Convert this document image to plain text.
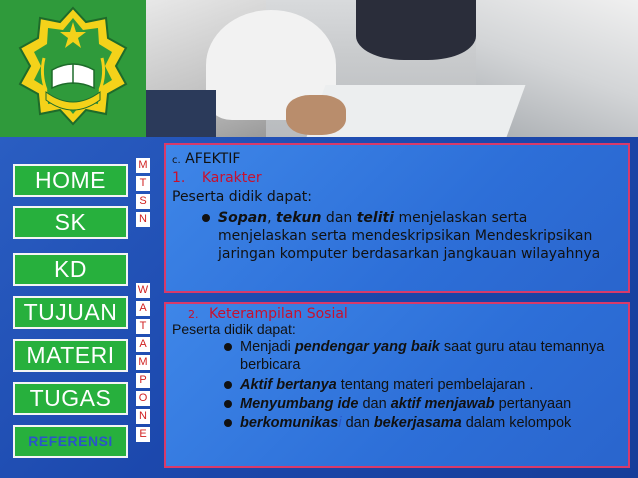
HOME
SK
KD
TUJUAN
MATERI
TUGAS
REFERENSI
M
T
S
N
W
A
T
A
M
P
O
N
E
c. AFEKTIF
1. Karakter
Peserta didik dapat:
Sopan, tekun dan teliti menjelaskan serta
menjelaskan serta mendeskripsikan Mendeskripsikan
jaringan komputer berdasarkan jangkauan wilayahnya
2. Keterampilan Sosial
Peserta didik dapat:
Menjadi pendengar yang baik saat guru atau temannya
berbicara
Aktif bertanya tentang materi pembelajaran .
Menyumbang ide dan aktif menjawab pertanyaan
berkomunikasi dan bekerjasama dalam kelompok
